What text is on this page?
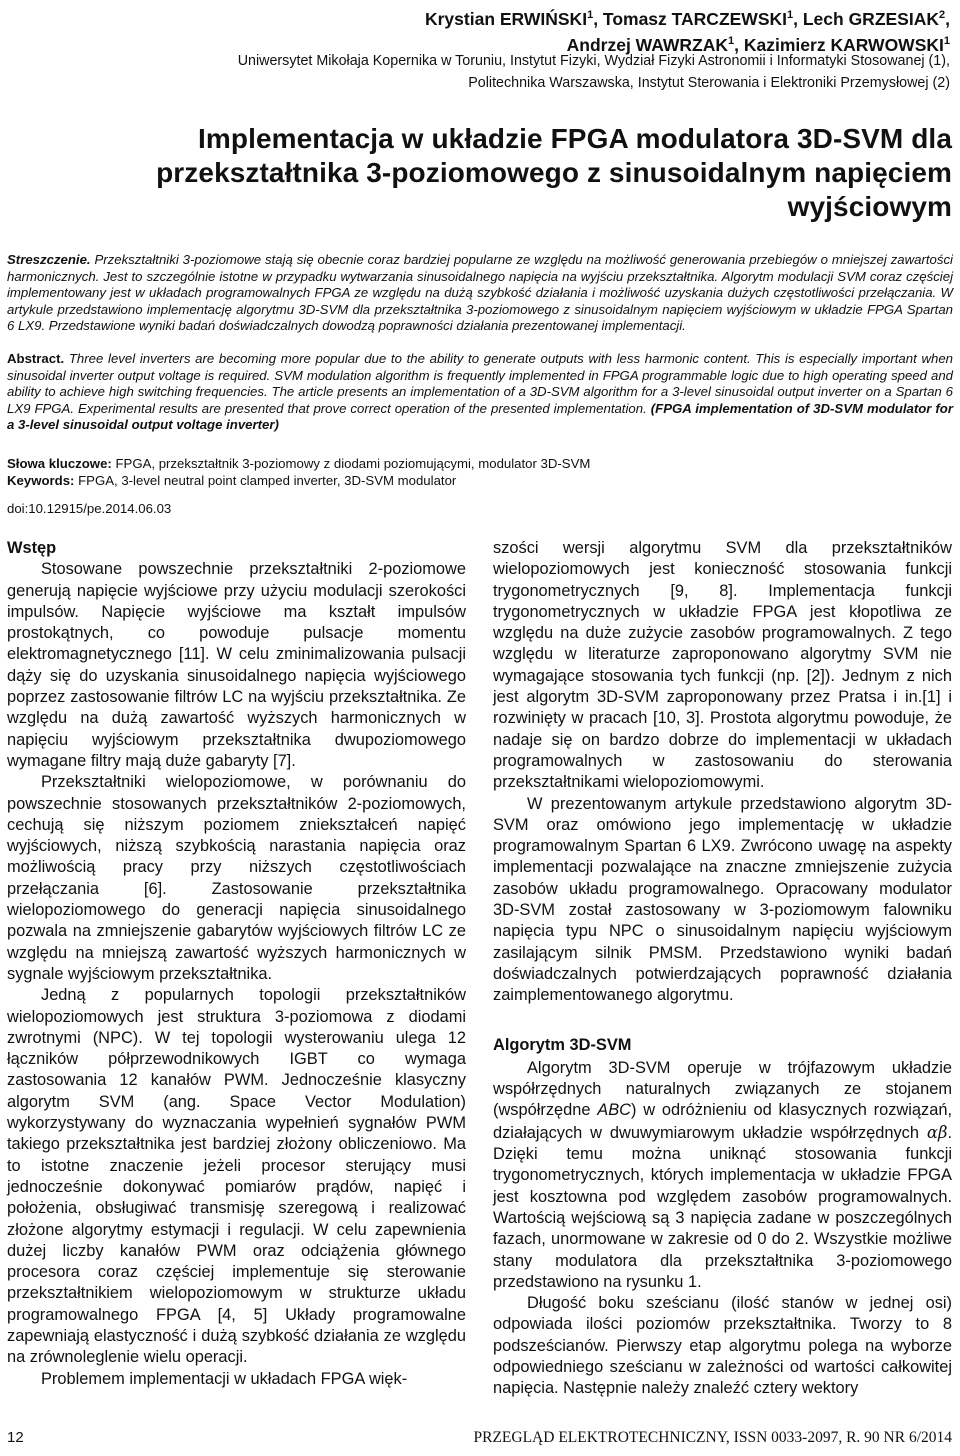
Krystian ERWIŃSKI$^1$, Tomasz TARCZEWSKI$^1$, Lech GRZESIAK$^2$,
Andrzej WAWRZAK$^1$, Kazimierz KARWOWSKI$^1$
Uniwersytet Mikołaja Kopernika w Toruniu, Instytut Fizyki, Wydział Fizyki Astronomii i Informatyki Stosowanej (1),
Politechnika Warszawska, Instytut Sterowania i Elektroniki Przemysłowej (2)
Implementacja w układzie FPGA modulatora 3D-SVM dla
przekształtnika 3-poziomowego z sinusoidalnym napięciem
wyjściowym

Streszczenie. Przekształtniki 3-poziomowe stają się obecnie coraz bardziej popularne ze względu na możliwość generowania przebiegów o mniejszej zawartości harmonicznych. Jest to szczególnie istotne w przypadku wytwarzania sinusoidalnego napięcia na wyjściu przekształtnika. Algorytm modulacji SVM coraz częściej implementowany jest w układach programowalnych FPGA ze względu na dużą szybkość działania i możliwość uzyskania dużych częstotliwości przełączania. W artykule przedstawiono implementację algorytmu 3D-SVM dla przekształtnika 3-poziomowego z sinusoidalnym napięciem wyjściowym w układzie FPGA Spartan 6 LX9. Przedstawione wyniki badań doświadczalnych dowodzą poprawności działania prezentowanej implementacji.

Abstract. Three level inverters are becoming more popular due to the ability to generate outputs with less harmonic content. This is especially important when sinusoidal inverter output voltage is required. SVM modulation algorithm is frequently implemented in FPGA programmable logic due to high operating speed and ability to achieve high switching frequencies. The article presents an implementation of a 3D-SVM algorithm for a 3-level sinusoidal output inverter on a Spartan 6 LX9 FPGA. Experimental results are presented that prove correct operation of the presented implementation. (FPGA implementation of 3D-SVM modulator for a 3-level sinusoidal output voltage inverter)

Słowa kluczowe: FPGA, przekształtnik 3-poziomowy z diodami poziomującymi, modulator 3D-SVM

Keywords: FPGA, 3-level neutral point clamped inverter, 3D-SVM modulator

doi:10.12915/pe.2014.06.03

Wstęp
Stosowane powszechnie przekształtniki 2-poziomowe generują napięcie wyjściowe przy użyciu modulacji szerokości impulsów. Napięcie wyjściowe ma kształt impulsów prostokątnych, co powoduje pulsacje momentu elektromagnetycznego [11]. W celu zminimalizowania pulsacji dąży się do uzyskania sinusoidalnego napięcia wyjściowego poprzez zastosowanie filtrów LC na wyjściu przekształtnika. Ze względu na dużą zawartość wyższych harmonicznych w napięciu wyjściowym przekształtnika dwupoziomowego wymagane filtry mają duże gabaryty [7].

Przekształtniki wielopoziomowe, w porównaniu do powszechnie stosowanych przekształtników 2-poziomowych, cechują się niższym poziomem zniekształceń napięć wyjściowych, niższą szybkością narastania napięcia oraz możliwością pracy przy niższych częstotliwościach przełączania [6]. Zastosowanie przekształtnika wielopoziomowego do generacji napięcia sinusoidalnego pozwala na zmniejszenie gabarytów wyjściowych filtrów LC ze względu na mniejszą zawartość wyższych harmonicznych w sygnale wyjściowym przekształtnika.

Jedną z popularnych topologii przekształtników wielopoziomowych jest struktura 3-poziomowa z diodami zwrotnymi (NPC). W tej topologii wysterowaniu ulega 12 łączników półprzewodnikowych IGBT co wymaga zastosowania 12 kanałów PWM. Jednocześnie klasyczny algorytm SVM (ang. Space Vector Modulation) wykorzystywany do wyznaczania wypełnień sygnałów PWM takiego przekształtnika jest bardziej złożony obliczeniowo. Ma to istotne znaczenie jeżeli procesor sterujący musi jednocześnie dokonywać pomiarów prądów, napięć i położenia, obsługiwać transmisję szeregową i realizować złożone algorytmy estymacji i regulacji. W celu zapewnienia dużej liczby kanałów PWM oraz odciążenia głównego procesora coraz częściej implementuje się sterowanie przekształtnikiem wielopoziomowym w strukturze układu programowalnego FPGA [4, 5] Układy programowalne zapewniają elastyczność i dużą szybkość działania ze względu na zrównoleglenie wielu operacji.

Problemem implementacji w układach FPGA więk-

szości wersji algorytmu SVM dla przekształtników wielopoziomowych jest konieczność stosowania funkcji trygonometrycznych [9, 8]. Implementacja funkcji trygonometrycznych w układzie FPGA jest kłopotliwa ze względu na duże zużycie zasobów programowalnych. Z tego względu w literaturze zaproponowano algorytmy SVM nie wymagające stosowania tych funkcji (np. [2]). Jednym z nich jest algorytm 3D-SVM zaproponowany przez Pratsa i in.[1] i rozwinięty w pracach [10, 3]. Prostota algorytmu powoduje, że nadaje się on bardzo dobrze do implementacji w układach programowalnych w zastosowaniu do sterowania przekształtnikami wielopoziomowymi.

W prezentowanym artykule przedstawiono algorytm 3D-SVM oraz omówiono jego implementację w układzie programowalnym Spartan 6 LX9. Zwrócono uwagę na aspekty implementacji pozwalające na znaczne zmniejszenie zużycia zasobów układu programowalnego. Opracowany modulator 3D-SVM został zastosowany w 3-poziomowym falowniku napięcia typu NPC o sinusoidalnym napięciu wyjściowym zasilającym silnik PMSM. Przedstawiono wyniki badań doświadczalnych potwierdzających poprawność działania zaimplementowanego algorytmu.

Algorytm 3D-SVM

Algorytm 3D-SVM operuje w trójfazowym układzie współrzędnych naturalnych związanych ze stojanem (współrzędne ABC) w odróżnieniu od klasycznych rozwiązań, działających w dwuwymiarowym układzie współrzędnych αβ. Dzięki temu można uniknąć stosowania funkcji trygonometrycznych, których implementacja w układzie FPGA jest kosztowna pod względem zasobów programowalnych. Wartością wejściową są 3 napięcia zadane w poszczególnych fazach, unormowane w zakresie od 0 do 2. Wszystkie możliwe stany modulatora dla przekształtnika 3-poziomowego przedstawiono na rysunku 1.

Długość boku sześcianu (ilość stanów w jednej osi) odpowiada ilości poziomów przekształtnika. Tworzy to 8 podsześcianów. Pierwszy etap algorytmu polega na wyborze odpowiedniego sześcianu w zależności od wartości całkowitej napięcia. Następnie należy znaleźć cztery wektory

12	PRZEGLĄD ELEKTROTECHNICZNY, ISSN 0033-2097, R. 90 NR 6/2014
